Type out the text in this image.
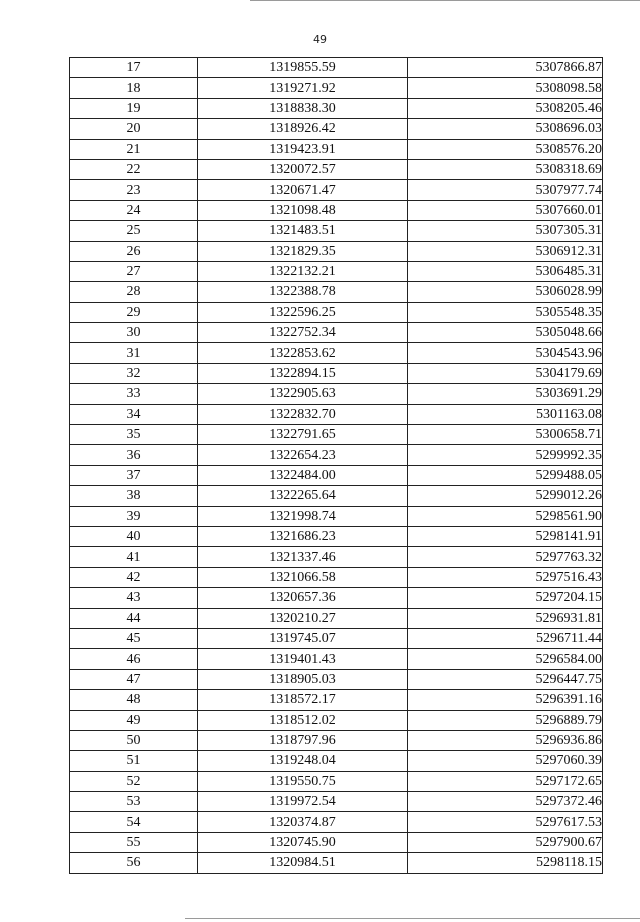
49
17	1319855.59	5307866.87
18	1319271.92	5308098.58
19	1318838.30	5308205.46
20	1318926.42	5308696.03
21	1319423.91	5308576.20
22	1320072.57	5308318.69
23	1320671.47	5307977.74
24	1321098.48	5307660.01
25	1321483.51	5307305.31
26	1321829.35	5306912.31
27	1322132.21	5306485.31
28	1322388.78	5306028.99
29	1322596.25	5305548.35
30	1322752.34	5305048.66
31	1322853.62	5304543.96
32	1322894.15	5304179.69
33	1322905.63	5303691.29
34	1322832.70	5301163.08
35	1322791.65	5300658.71
36	1322654.23	5299992.35
37	1322484.00	5299488.05
38	1322265.64	5299012.26
39	1321998.74	5298561.90
40	1321686.23	5298141.91
41	1321337.46	5297763.32
42	1321066.58	5297516.43
43	1320657.36	5297204.15
44	1320210.27	5296931.81
45	1319745.07	5296711.44
46	1319401.43	5296584.00
47	1318905.03	5296447.75
48	1318572.17	5296391.16
49	1318512.02	5296889.79
50	1318797.96	5296936.86
51	1319248.04	5297060.39
52	1319550.75	5297172.65
53	1319972.54	5297372.46
54	1320374.87	5297617.53
55	1320745.90	5297900.67
56	1320984.51	5298118.15
